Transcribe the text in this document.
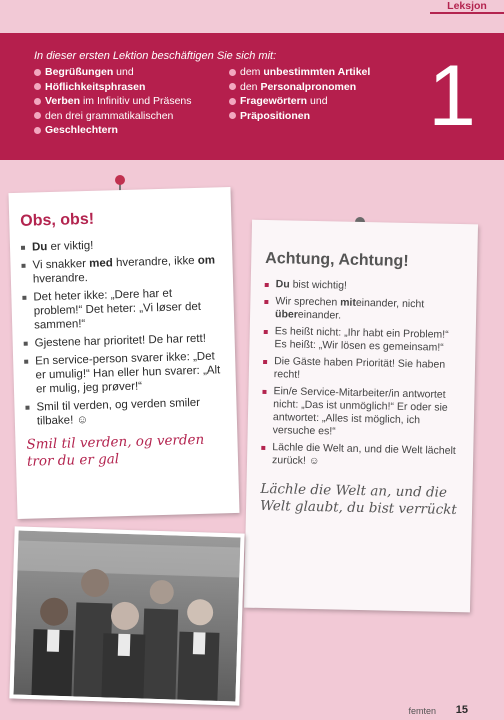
Leksjon
In dieser ersten Lektion beschäftigen Sie sich mit:
Begrüßungen und
Höflichkeitsphrasen
Verben im Infinitiv und Präsens
den drei grammatikalischen
Geschlechtern
dem unbestimmten Artikel
den Personalpronomen
Fragewörtern und
Präpositionen	1
Obs, obs!
Du er viktig!
Vi snakker med hverandre, ikke om hverandre.
Det heter ikke: „Dere har et problem!“ Det heter: „Vi løser det sammen!“
Gjestene har prioritet! De har rett!
En service-person svarer ikke: „Det er umulig!“ Han eller hun svarer: „Alt er mulig, jeg prøver!“
Smil til verden, og verden smiler tilbake! ☺
Smil til verden, og verden tror du er gal
Achtung, Achtung!
Du bist wichtig!
Wir sprechen miteinander, nicht übereinander.
Es heißt nicht: „Ihr habt ein Problem!“ Es heißt: „Wir lösen es gemeinsam!“
Die Gäste haben Priorität! Sie haben recht!
Ein/e Service-Mitarbeiter/in antwortet nicht: „Das ist unmöglich!“ Er oder sie antwortet: „Alles ist möglich, ich versuche es!“
Lächle die Welt an, und die Welt lächelt zurück! ☺
Lächle die Welt an, und die Welt glaubt, du bist verrückt
femten 15
